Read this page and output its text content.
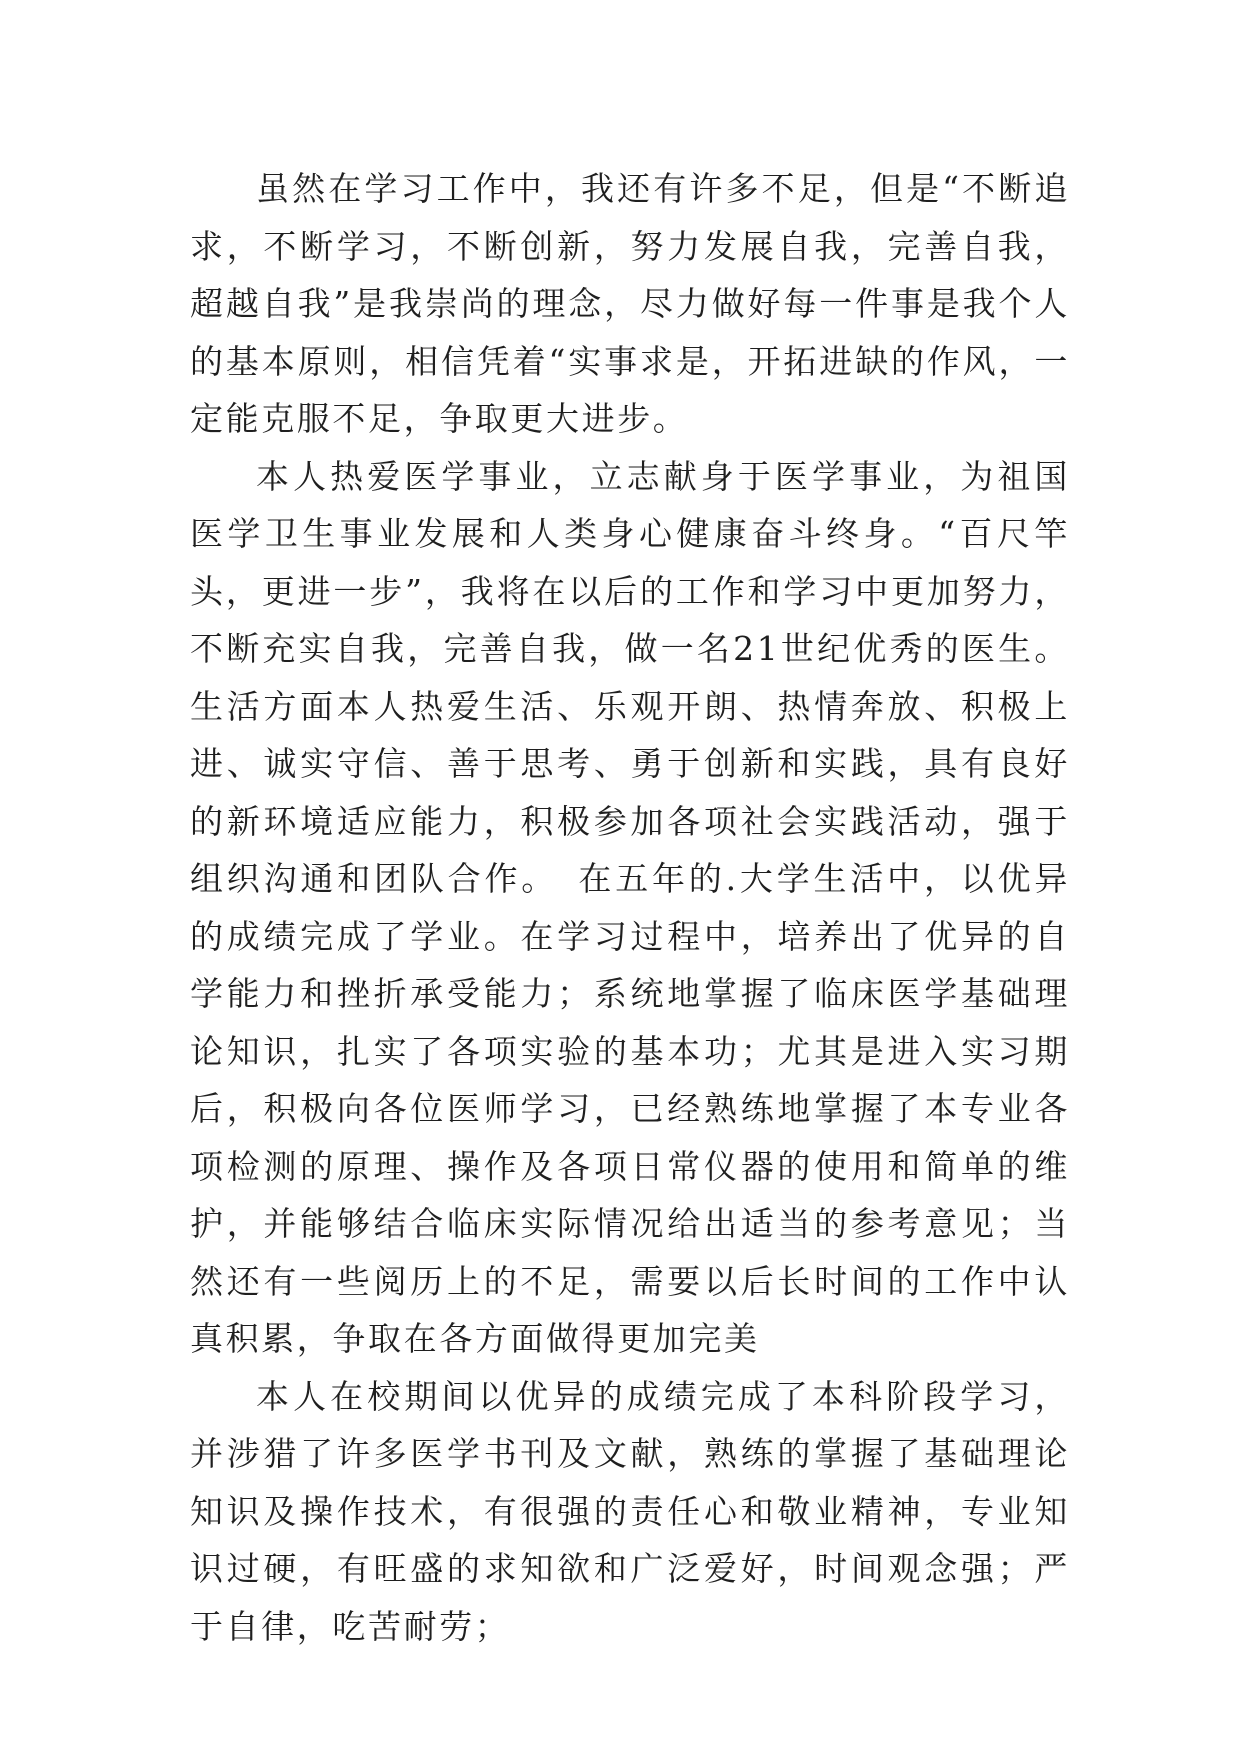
虽然在学习工作中，我还有许多不足，但是“不断追求，不断学习，不断创新，努力发展自我，完善自我，超越自我”是我崇尚的理念，尽力做好每一件事是我个人的基本原则，相信凭着“实事求是，开拓进缺的作风，一定能克服不足，争取更大进步。

本人热爱医学事业，立志献身于医学事业，为祖国医学卫生事业发展和人类身心健康奋斗终身。“百尺竿头，更进一步”，我将在以后的工作和学习中更加努力，不断充实自我，完善自我，做一名21世纪优秀的医生。生活方面本人热爱生活、乐观开朗、热情奔放、积极上进、诚实守信、善于思考、勇于创新和实践，具有良好的新环境适应能力，积极参加各项社会实践活动，强于组织沟通和团队合作。　在五年的.大学生活中，以优异的成绩完成了学业。在学习过程中，培养出了优异的自学能力和挫折承受能力；系统地掌握了临床医学基础理论知识，扎实了各项实验的基本功；尤其是进入实习期后，积极向各位医师学习，已经熟练地掌握了本专业各项检测的原理、操作及各项日常仪器的使用和简单的维护，并能够结合临床实际情况给出适当的参考意见；当然还有一些阅历上的不足，需要以后长时间的工作中认真积累，争取在各方面做得更加完美

本人在校期间以优异的成绩完成了本科阶段学习，并涉猎了许多医学书刊及文献，熟练的掌握了基础理论知识及操作技术，有很强的责任心和敬业精神，专业知识过硬，有旺盛的求知欲和广泛爱好，时间观念强；严于自律，吃苦耐劳；
